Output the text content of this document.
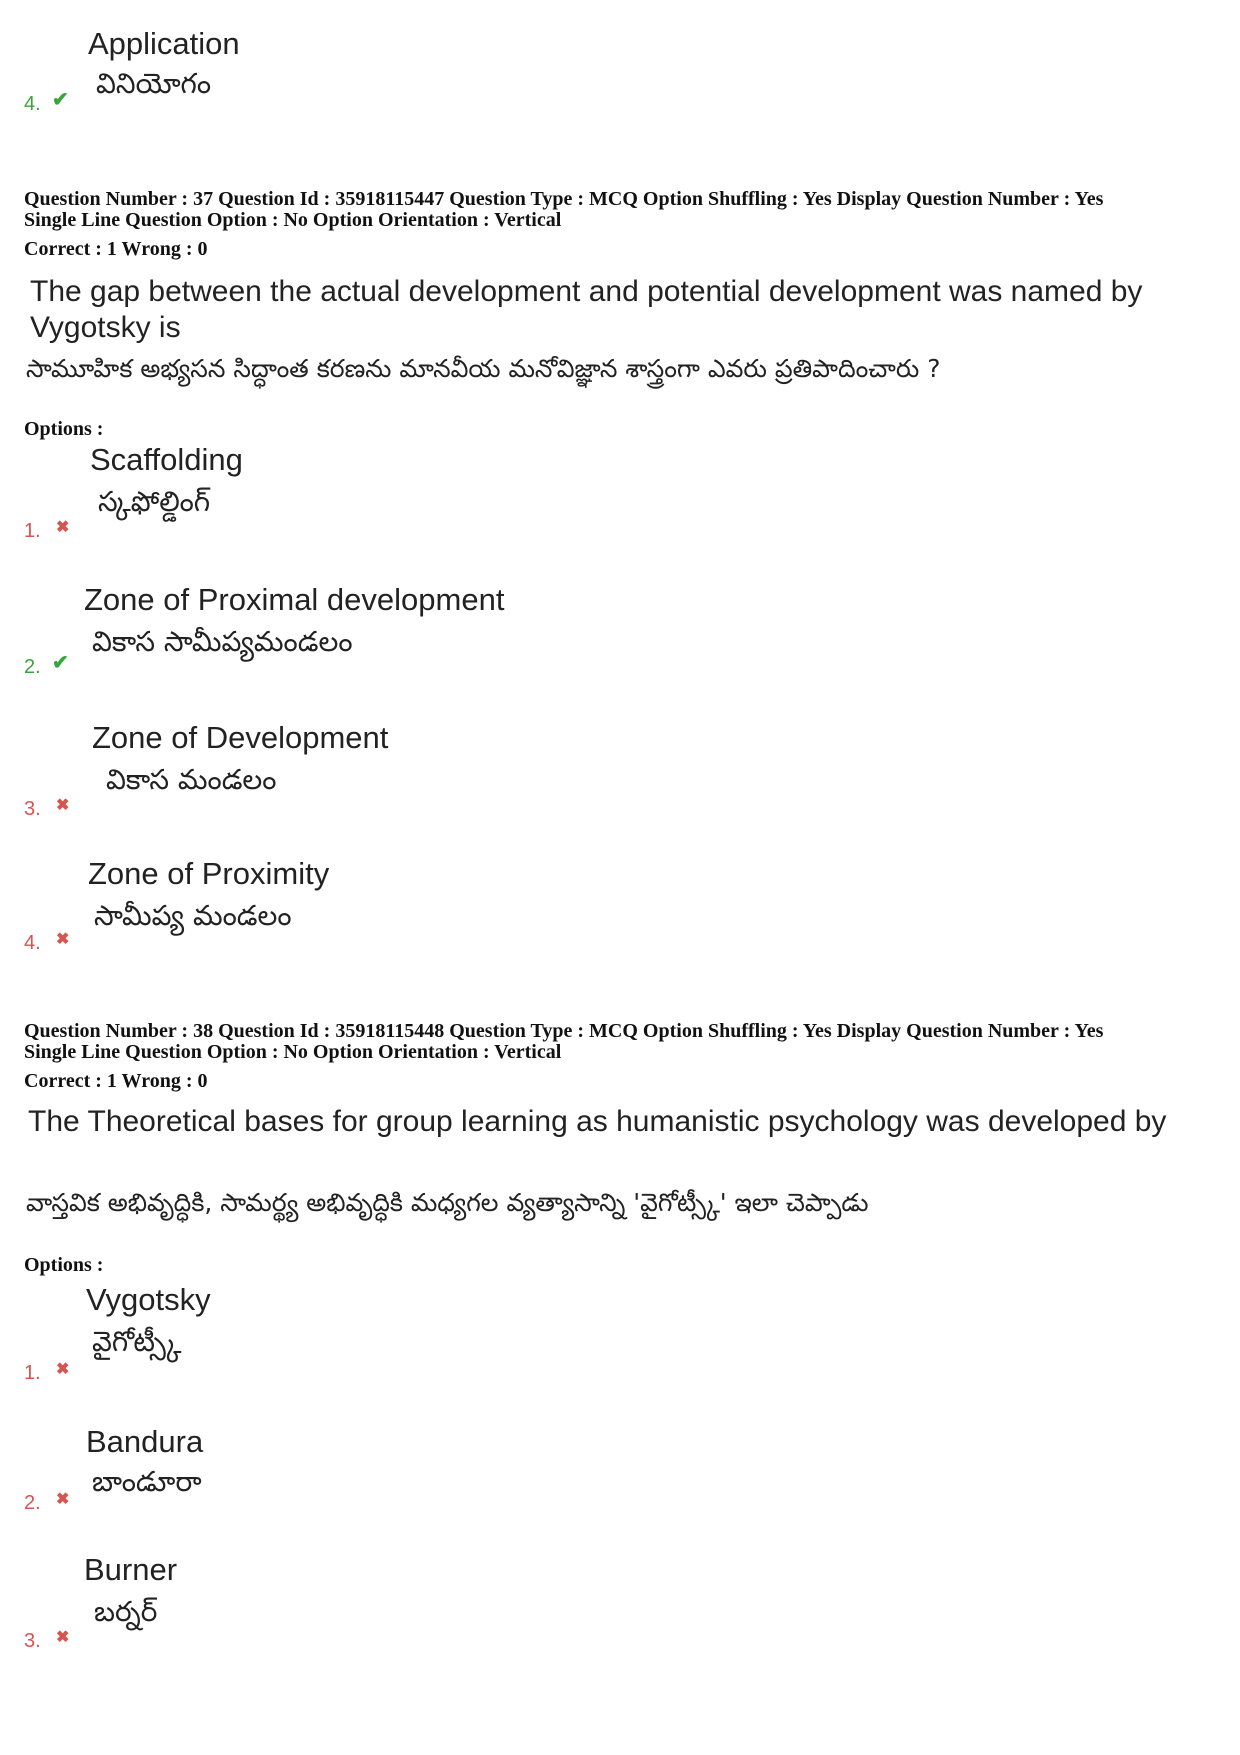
Application
వినియోగం
4. ✔
Question Number : 37 Question Id : 35918115447 Question Type : MCQ Option Shuffling : Yes Display Question Number : Yes
Single Line Question Option : No Option Orientation : Vertical
Correct : 1 Wrong : 0
The gap between the actual development and potential development was named by Vygotsky is
సామూహిక అభ్యసన సిద్ధాంత కరణను మానవీయ మనోవిజ్ఞాన శాస్త్రంగా ఎవరు ప్రతిపాదించారు ?
Options :
Scaffolding
స్కఫోల్డింగ్
1. ✖
Zone of Proximal development
వికాస సామీప్యమండలం
2. ✔
Zone of Development
వికాస మండలం
3. ✖
Zone of Proximity
సామీప్య మండలం
4. ✖
Question Number : 38 Question Id : 35918115448 Question Type : MCQ Option Shuffling : Yes Display Question Number : Yes
Single Line Question Option : No Option Orientation : Vertical
Correct : 1 Wrong : 0
The Theoretical bases for group learning as humanistic psychology was developed by
వాస్తవిక అభివృద్ధికి, సామర్థ్య అభివృద్ధికి మధ్యగల వ్యత్యాసాన్ని 'వైగోట్స్కీ' ఇలా చెప్పాడు
Options :
Vygotsky
వైగోట్స్కీ
1. ✖
Bandura
బాండూరా
2. ✖
Burner
బర్నర్
3. ✖
